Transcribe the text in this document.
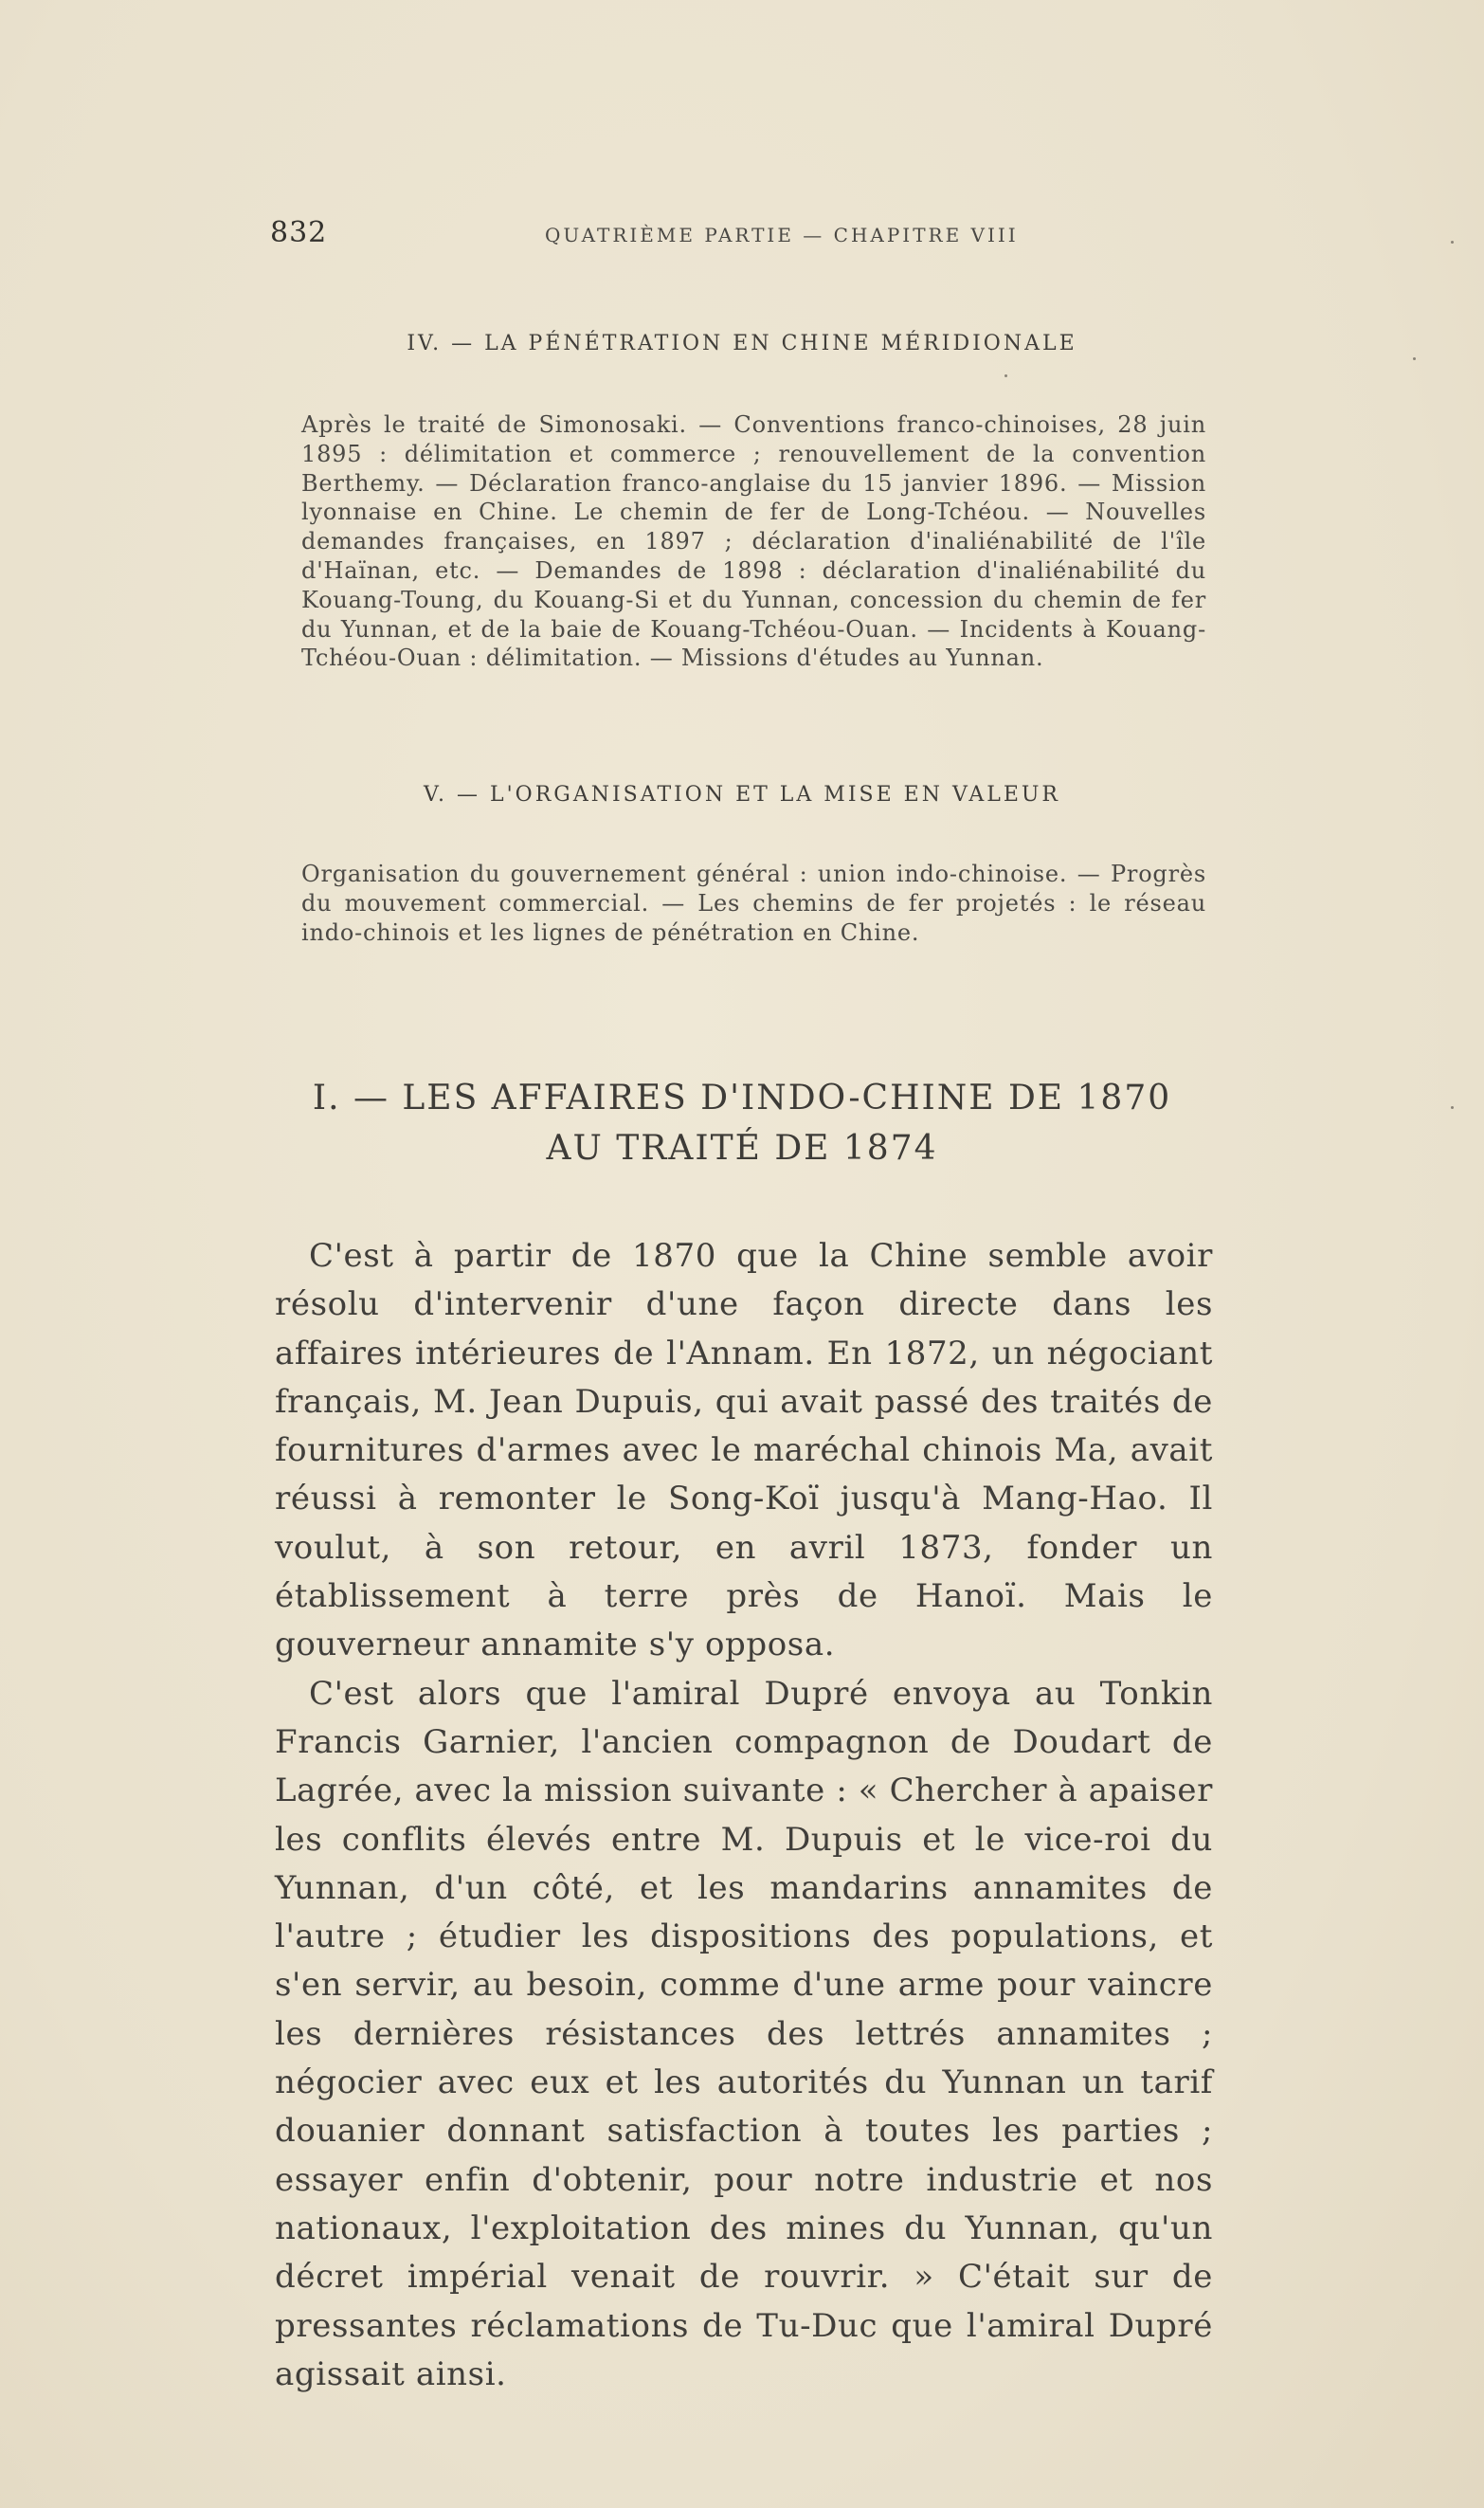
832	QUATRIÈME PARTIE — CHAPITRE VIII
IV. — LA PÉNÉTRATION EN CHINE MÉRIDIONALE
Après le traité de Simonosaki. — Conventions franco-chinoises, 28 juin 1895 : délimitation et commerce ; renouvellement de la convention Berthemy. — Déclaration franco-anglaise du 15 janvier 1896. — Mission lyonnaise en Chine. Le chemin de fer de Long-Tchéou. — Nouvelles demandes françaises, en 1897 ; déclaration d'inaliénabilité de l'île d'Haïnan, etc. — Demandes de 1898 : déclaration d'inaliénabilité du Kouang-Toung, du Kouang-Si et du Yunnan, concession du chemin de fer du Yunnan, et de la baie de Kouang-Tchéou-Ouan. — Incidents à Kouang-Tchéou-Ouan : délimitation. — Missions d'études au Yunnan.
V. — L'ORGANISATION ET LA MISE EN VALEUR
Organisation du gouvernement général : union indo-chinoise. — Progrès du mouvement commercial. — Les chemins de fer projetés : le réseau indo-chinois et les lignes de pénétration en Chine.
I. — LES AFFAIRES D'INDO-CHINE DE 1870
AU TRAITÉ DE 1874

C'est à partir de 1870 que la Chine semble avoir résolu d'intervenir d'une façon directe dans les affaires intérieures de l'Annam. En 1872, un négociant français, M. Jean Dupuis, qui avait passé des traités de fournitures d'armes avec le maréchal chinois Ma, avait réussi à remonter le Song-Koï jusqu'à Mang-Hao. Il voulut, à son retour, en avril 1873, fonder un établissement à terre près de Hanoï. Mais le gouverneur annamite s'y opposa.

C'est alors que l'amiral Dupré envoya au Tonkin Francis Garnier, l'ancien compagnon de Doudart de Lagrée, avec la mission suivante : « Chercher à apaiser les conflits élevés entre M. Dupuis et le vice-roi du Yunnan, d'un côté, et les mandarins annamites de l'autre ; étudier les dispositions des populations, et s'en servir, au besoin, comme d'une arme pour vaincre les dernières résistances des lettrés annamites ; négocier avec eux et les autorités du Yunnan un tarif douanier donnant satisfaction à toutes les parties ; essayer enfin d'obtenir, pour notre industrie et nos nationaux, l'exploitation des mines du Yunnan, qu'un décret impérial venait de rouvrir. » C'était sur de pressantes réclamations de Tu-Duc que l'amiral Dupré agissait ainsi.
